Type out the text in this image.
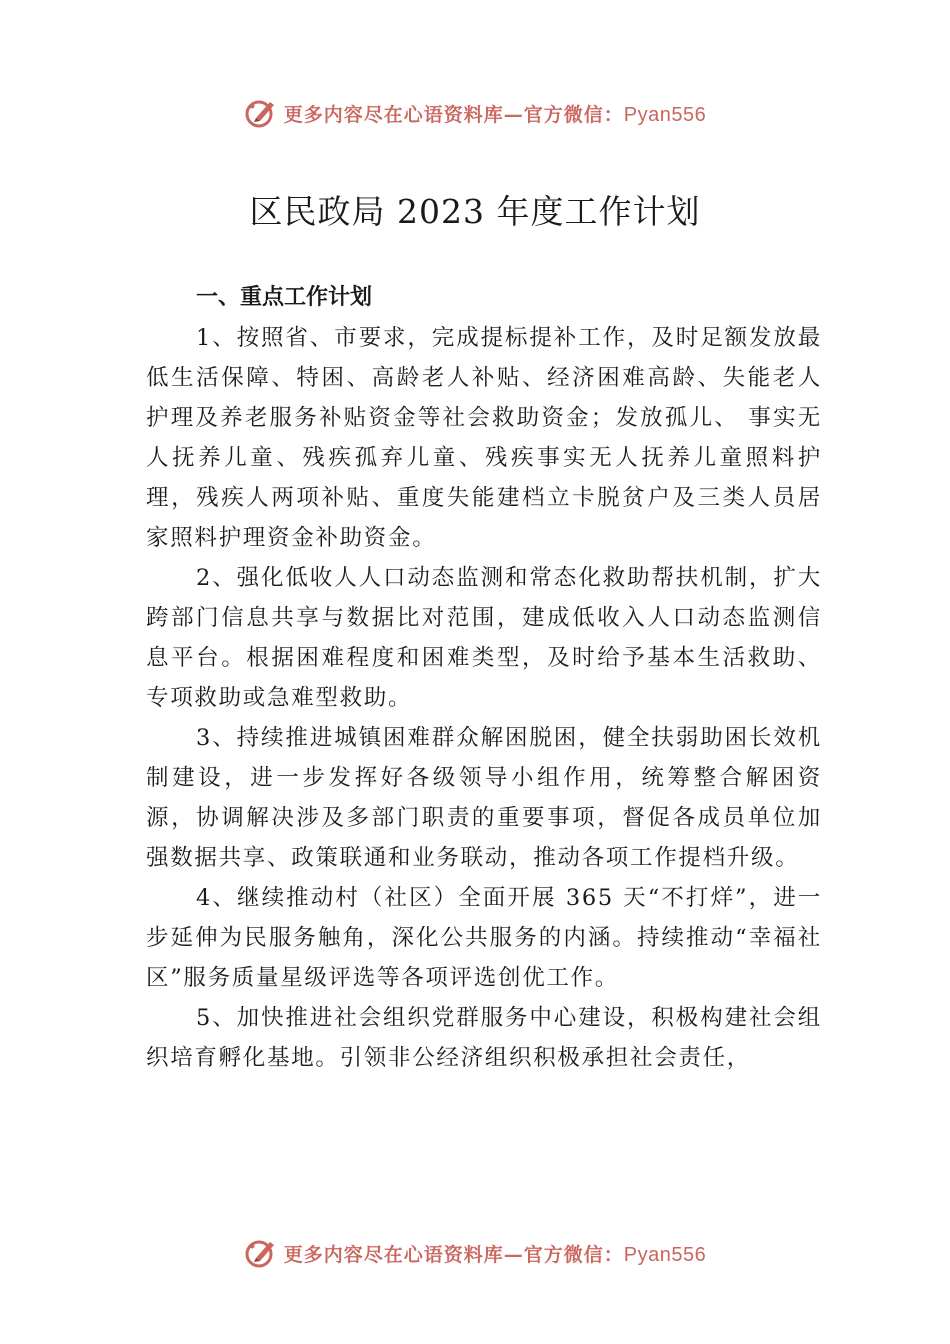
更多内容尽在心语资料库—官方微信：Pyan556
区民政局 2023 年度工作计划

一、重点工作计划

1、按照省、市要求，完成提标提补工作，及时足额发放最低生活保障、特困、高龄老人补贴、经济困难高龄、失能老人护理及养老服务补贴资金等社会救助资金；发放孤儿、 事实无人抚养儿童、残疾孤弃儿童、残疾事实无人抚养儿童照料护理，残疾人两项补贴、重度失能建档立卡脱贫户及三类人员居家照料护理资金补助资金。

2、强化低收人人口动态监测和常态化救助帮扶机制，扩大跨部门信息共享与数据比对范围，建成低收入人口动态监测信息平台。根据困难程度和困难类型，及时给予基本生活救助、专项救助或急难型救助。

3、持续推进城镇困难群众解困脱困，健全扶弱助困长效机制建设，进一步发挥好各级领导小组作用，统筹整合解困资源，协调解决涉及多部门职责的重要事项，督促各成员单位加强数据共享、政策联通和业务联动，推动各项工作提档升级。

4、继续推动村（社区）全面开展 365 天“不打烊”，进一步延伸为民服务触角，深化公共服务的内涵。持续推动“幸福社区”服务质量星级评选等各项评选创优工作。

5、加快推进社会组织党群服务中心建设，积极构建社会组织培育孵化基地。引领非公经济组织积极承担社会责任，

更多内容尽在心语资料库—官方微信：Pyan556
